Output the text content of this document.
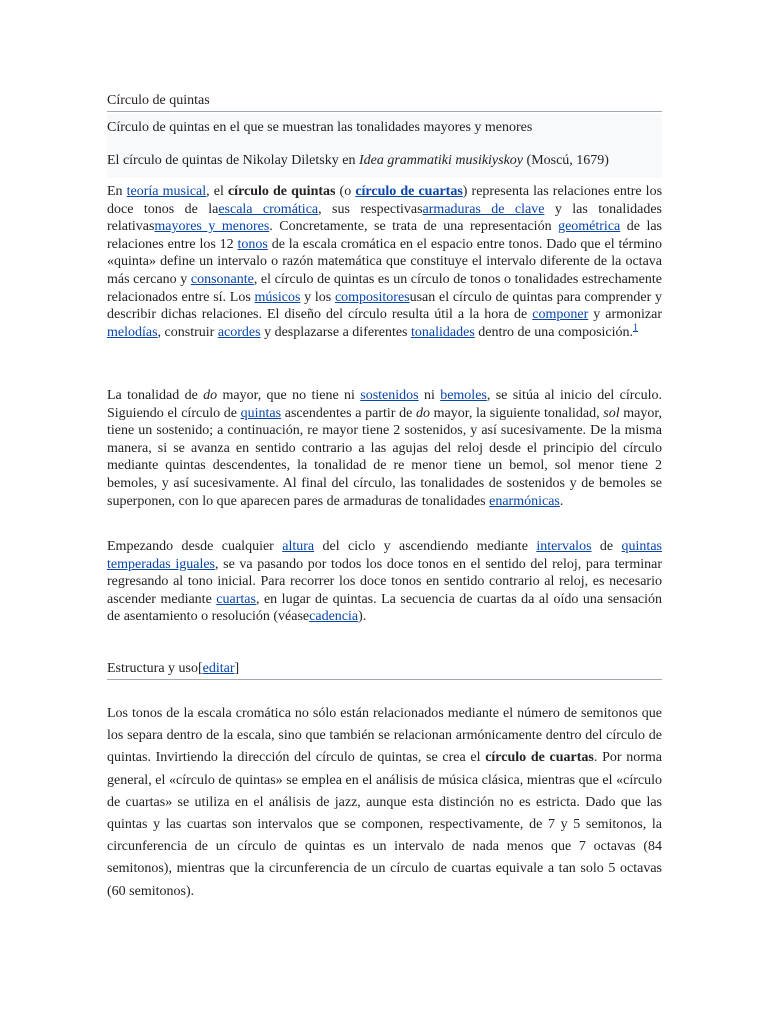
Círculo de quintas
Círculo de quintas en el que se muestran las tonalidades mayores y menores
El círculo de quintas de Nikolay Diletsky en Idea grammatiki musikiyskoy (Moscú, 1679)

En teoría musical, el círculo de quintas (o círculo de cuartas) representa las relaciones entre los doce tonos de laescala cromática, sus respectivasarmaduras de clave y las tonalidades relativasmayores y menores. Concretamente, se trata de una representación geométrica de las relaciones entre los 12 tonos de la escala cromática en el espacio entre tonos. Dado que el término «quinta» define un intervalo o razón matemática que constituye el intervalo diferente de la octava más cercano y consonante, el círculo de quintas es un círculo de tonos o tonalidades estrechamente relacionados entre sí. Los músicos y los compositoresusan el círculo de quintas para comprender y describir dichas relaciones. El diseño del círculo resulta útil a la hora de componer y armonizar melodías, construir acordes y desplazarse a diferentes tonalidades dentro de una composición.$^1$

La tonalidad de do mayor, que no tiene ni sostenidos ni bemoles, se sitúa al inicio del círculo. Siguiendo el círculo de quintas ascendentes a partir de do mayor, la siguiente tonalidad, sol mayor, tiene un sostenido; a continuación, re mayor tiene 2 sostenidos, y así sucesivamente. De la misma manera, si se avanza en sentido contrario a las agujas del reloj desde el principio del círculo mediante quintas descendentes, la tonalidad de re menor tiene un bemol, sol menor tiene 2 bemoles, y así sucesivamente. Al final del círculo, las tonalidades de sostenidos y de bemoles se superponen, con lo que aparecen pares de armaduras de tonalidades enarmónicas.

Empezando desde cualquier altura del ciclo y ascendiendo mediante intervalos de quintas temperadas iguales, se va pasando por todos los doce tonos en el sentido del reloj, para terminar regresando al tono inicial. Para recorrer los doce tonos en sentido contrario al reloj, es necesario ascender mediante cuartas, en lugar de quintas. La secuencia de cuartas da al oído una sensación de asentamiento o resolución (véasecadencia).

Estructura y uso[editar]

Los tonos de la escala cromática no sólo están relacionados mediante el número de semitonos que los separa dentro de la escala, sino que también se relacionan armónicamente dentro del círculo de quintas. Invirtiendo la dirección del círculo de quintas, se crea el círculo de cuartas. Por norma general, el «círculo de quintas» se emplea en el análisis de música clásica, mientras que el «círculo de cuartas» se utiliza en el análisis de jazz, aunque esta distinción no es estricta. Dado que las quintas y las cuartas son intervalos que se componen, respectivamente, de 7 y 5 semitonos, la circunferencia de un círculo de quintas es un intervalo de nada menos que 7 octavas (84 semitonos), mientras que la circunferencia de un círculo de cuartas equivale a tan solo 5 octavas (60 semitonos).
